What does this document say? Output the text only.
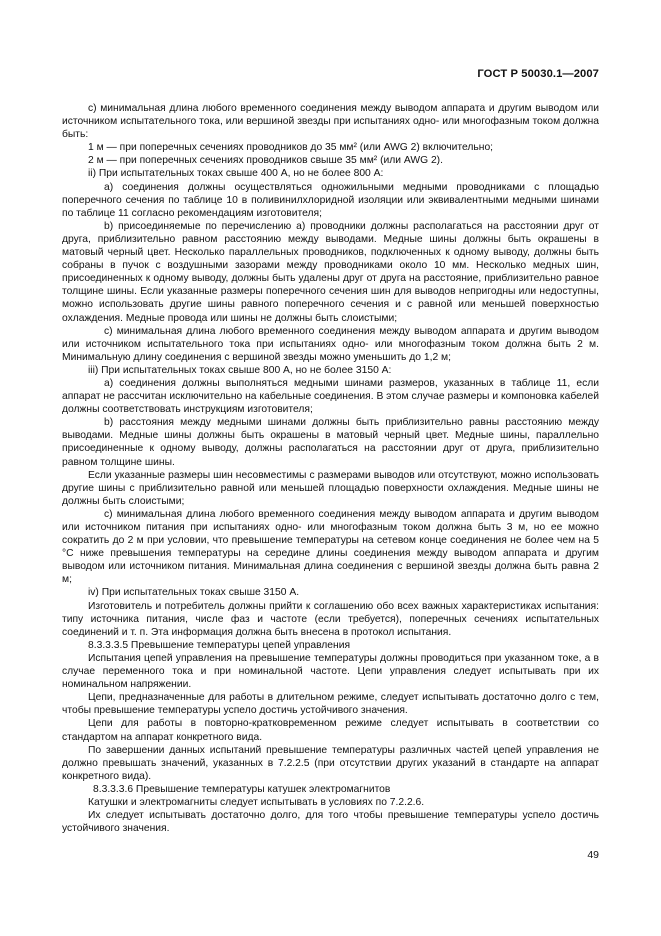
ГОСТ Р 50030.1—2007

с) минимальная длина любого временного соединения между выводом аппарата и другим выводом или источником испытательного тока, или вершиной звезды при испытаниях одно- или многофазным током должна быть:

1 м — при поперечных сечениях проводников до 35 мм² (или AWG 2) включительно;

2 м — при поперечных сечениях проводников свыше 35 мм² (или AWG 2).

ii) При испытательных токах свыше 400 А, но не более 800 А:

а) соединения должны осуществляться одножильными медными проводниками с площадью поперечного сечения по таблице 10 в поливинилхлоридной изоляции или эквивалентными медными шинами по таблице 11 согласно рекомендациям изготовителя;

b) присоединяемые по перечислению а) проводники должны располагаться на расстоянии друг от друга, приблизительно равном расстоянию между выводами. Медные шины должны быть окрашены в матовый черный цвет. Несколько параллельных проводников, подключенных к одному выводу, должны быть собраны в пучок с воздушными зазорами между проводниками около 10 мм. Несколько медных шин, присоединенных к одному выводу, должны быть удалены друг от друга на расстояние, приблизительно равное толщине шины. Если указанные размеры поперечного сечения шин для выводов непригодны или недоступны, можно использовать другие шины равного поперечного сечения и с равной или меньшей поверхностью охлаждения. Медные провода или шины не должны быть слоистыми;

с) минимальная длина любого временного соединения между выводом аппарата и другим выводом или источником испытательного тока при испытаниях одно- или многофазным током должна быть 2 м. Минимальную длину соединения с вершиной звезды можно уменьшить до 1,2 м;

iii) При испытательных токах свыше 800 А, но не более 3150 А:

а) соединения должны выполняться медными шинами размеров, указанных в таблице 11, если аппарат не рассчитан исключительно на кабельные соединения. В этом случае размеры и компоновка кабелей должны соответствовать инструкциям изготовителя;

b) расстояния между медными шинами должны быть приблизительно равны расстоянию между выводами. Медные шины должны быть окрашены в матовый черный цвет. Медные шины, параллельно присоединенные к одному выводу, должны располагаться на расстоянии друг от друга, приблизительно равном толщине шины.

Если указанные размеры шин несовместимы с размерами выводов или отсутствуют, можно использовать другие шины с приблизительно равной или меньшей площадью поверхности охлаждения. Медные шины не должны быть слоистыми;

с) минимальная длина любого временного соединения между выводом аппарата и другим выводом или источником питания при испытаниях одно- или многофазным током должна быть 3 м, но ее можно сократить до 2 м при условии, что превышение температуры на сетевом конце соединения не более чем на 5 °С ниже превышения температуры на середине длины соединения между выводом аппарата и другим выводом или источником питания. Минимальная длина соединения с вершиной звезды должна быть равна 2 м;

iv) При испытательных токах свыше 3150 А.

Изготовитель и потребитель должны прийти к соглашению обо всех важных характеристиках испытания: типу источника питания, числе фаз и частоте (если требуется), поперечных сечениях испытательных соединений и т. п. Эта информация должна быть внесена в протокол испытания.

8.3.3.3.5 Превышение температуры цепей управления

Испытания цепей управления на превышение температуры должны проводиться при указанном токе, а в случае переменного тока и при номинальной частоте. Цепи управления следует испытывать при их номинальном напряжении.

Цепи, предназначенные для работы в длительном режиме, следует испытывать достаточно долго с тем, чтобы превышение температуры успело достичь устойчивого значения.

Цепи для работы в повторно-кратковременном режиме следует испытывать в соответствии со стандартом на аппарат конкретного вида.

По завершении данных испытаний превышение температуры различных частей цепей управления не должно превышать значений, указанных в 7.2.2.5 (при отсутствии других указаний в стандарте на аппарат конкретного вида).

8.3.3.3.6 Превышение температуры катушек электромагнитов

Катушки и электромагниты следует испытывать в условиях по 7.2.2.6.

Их следует испытывать достаточно долго, для того чтобы превышение температуры успело достичь устойчивого значения.

49
